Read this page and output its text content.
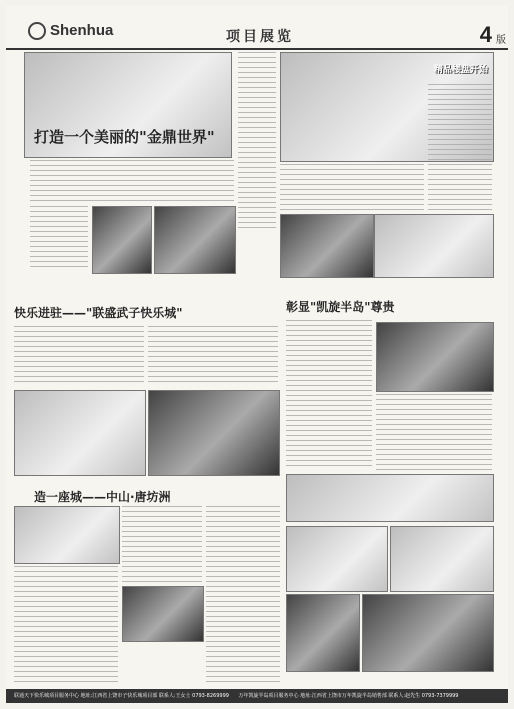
Shenhua	项目展览	4 版
打造一个美丽的"金鼎世界"
精品楼盘开始
快乐进驻——"联盛武子快乐城"	彰显"凯旋半岛"尊贵
造一座城——中山·唐坊洲
联通天下快乐城项目服务中心 地址:江西省上饶市子快乐城项目部 联系人:王女士 0793-8269999 万年凯旋半岛项目服务中心 地址:江西省上饶市万年凯旋半岛销售部 联系人:赵先生 0793-7379999
